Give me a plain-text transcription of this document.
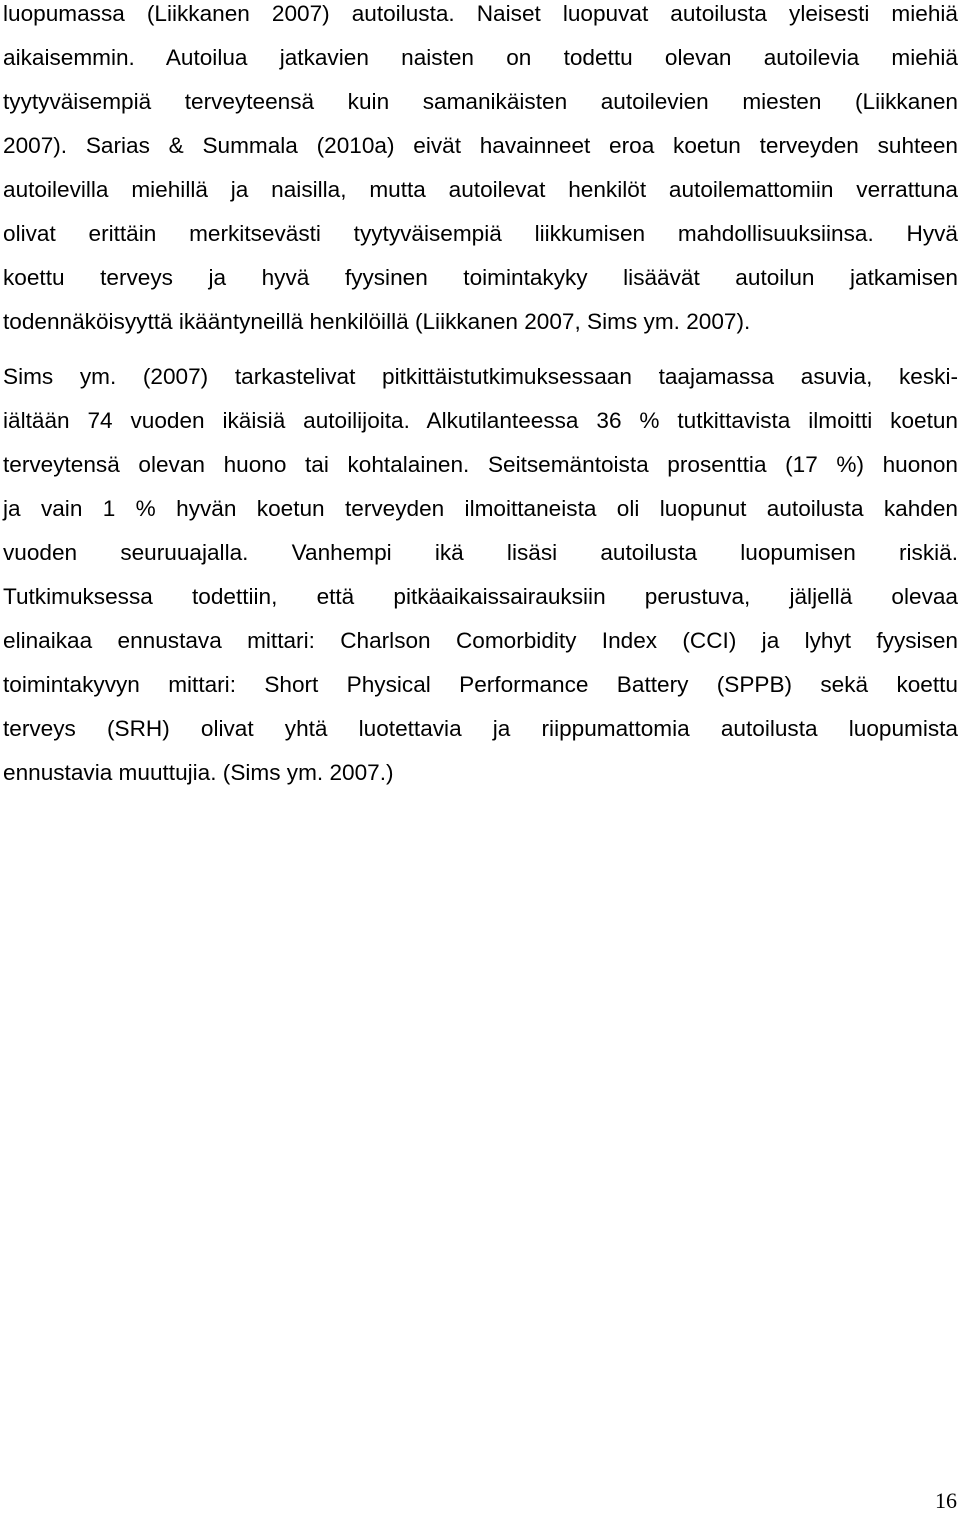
luopumassa (Liikkanen 2007) autoilusta. Naiset luopuvat autoilusta yleisesti miehiä
aikaisemmin. Autoilua jatkavien naisten on todettu olevan autoilevia miehiä
tyytyväisempiä terveyteensä kuin samanikäisten autoilevien miesten (Liikkanen
2007). Sarias & Summala (2010a) eivät havainneet eroa koetun terveyden suhteen
autoilevilla miehillä ja naisilla, mutta autoilevat henkilöt autoilemattomiin verrattuna
olivat erittäin merkitsevästi tyytyväisempiä liikkumisen mahdollisuuksiinsa. Hyvä
koettu terveys ja hyvä fyysinen toimintakyky lisäävät autoilun jatkamisen
todennäköisyyttä ikääntyneillä henkilöillä (Liikkanen 2007, Sims ym. 2007).
Sims ym. (2007) tarkastelivat pitkittäistutkimuksessaan taajamassa asuvia, keski-
iältään 74 vuoden ikäisiä autoilijoita. Alkutilanteessa 36 % tutkittavista ilmoitti koetun
terveytensä olevan huono tai kohtalainen. Seitsemäntoista prosenttia (17 %) huonon
ja vain 1 % hyvän koetun terveyden ilmoittaneista oli luopunut autoilusta kahden
vuoden seuruuajalla. Vanhempi ikä lisäsi autoilusta luopumisen riskiä.
Tutkimuksessa todettiin, että pitkäaikaissairauksiin perustuva, jäljellä olevaa
elinaikaa ennustava mittari: Charlson Comorbidity Index (CCI) ja lyhyt fyysisen
toimintakyvyn mittari: Short Physical Performance Battery (SPPB) sekä koettu
terveys (SRH) olivat yhtä luotettavia ja riippumattomia autoilusta luopumista
ennustavia muuttujia. (Sims ym. 2007.)
16
